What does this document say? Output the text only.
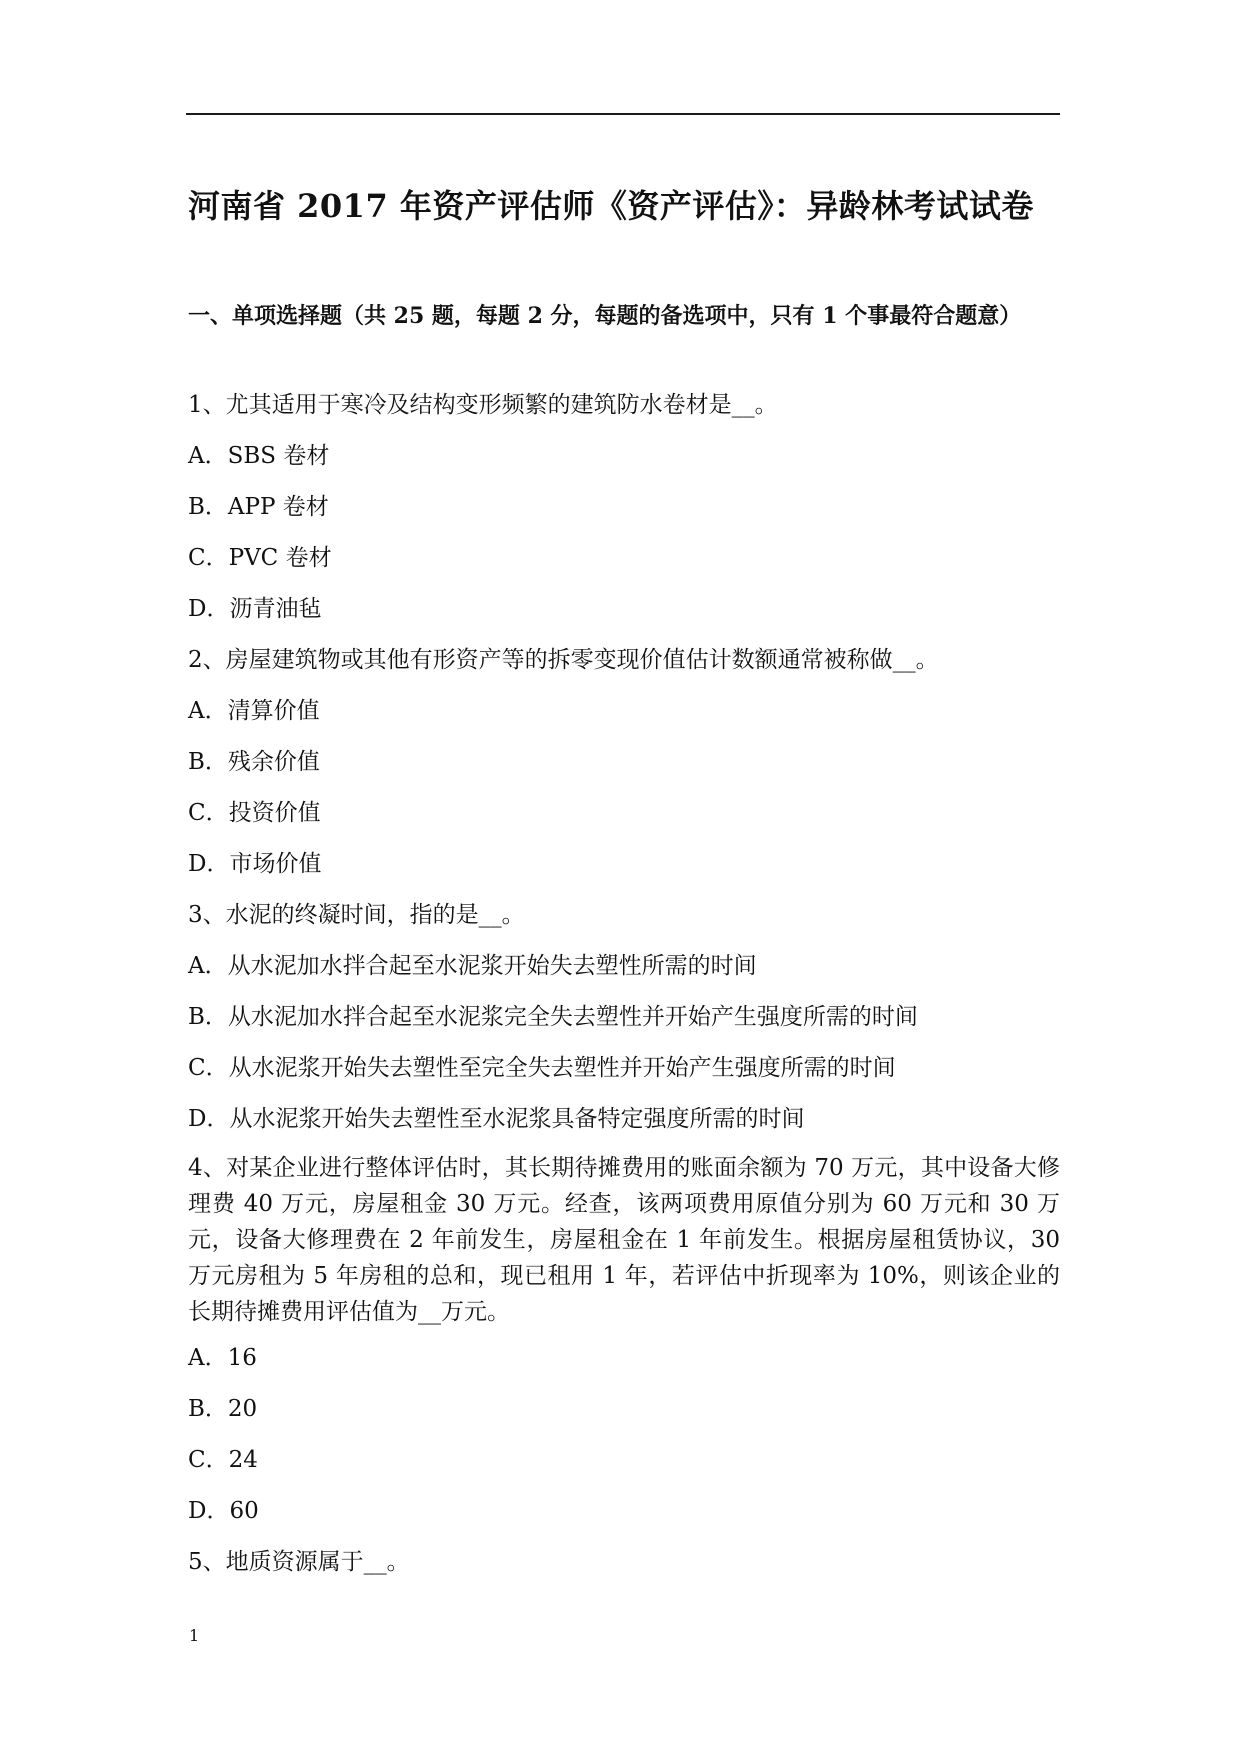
河南省 2017 年资产评估师《资产评估》：异龄林考试试卷
一、单项选择题（共 25 题，每题 2 分，每题的备选项中，只有 1 个事最符合题意）
1、尤其适用于寒冷及结构变形频繁的建筑防水卷材是__。
A．SBS 卷材
B．APP 卷材
C．PVC 卷材
D．沥青油毡
2、房屋建筑物或其他有形资产等的拆零变现价值估计数额通常被称做__。
A．清算价值
B．残余价值
C．投资价值
D．市场价值
3、水泥的终凝时间，指的是__。
A．从水泥加水拌合起至水泥浆开始失去塑性所需的时间
B．从水泥加水拌合起至水泥浆完全失去塑性并开始产生强度所需的时间
C．从水泥浆开始失去塑性至完全失去塑性并开始产生强度所需的时间
D．从水泥浆开始失去塑性至水泥浆具备特定强度所需的时间
4、对某企业进行整体评估时，其长期待摊费用的账面余额为 70 万元，其中设备大修理费 40 万元，房屋租金 30 万元。经查，该两项费用原值分别为 60 万元和 30 万元，设备大修理费在 2 年前发生，房屋租金在 1 年前发生。根据房屋租赁协议，30 万元房租为 5 年房租的总和，现已租用 1 年，若评估中折现率为 10%，则该企业的长期待摊费用评估值为__万元。
A．16
B．20
C．24
D．60
5、地质资源属于__。
1
